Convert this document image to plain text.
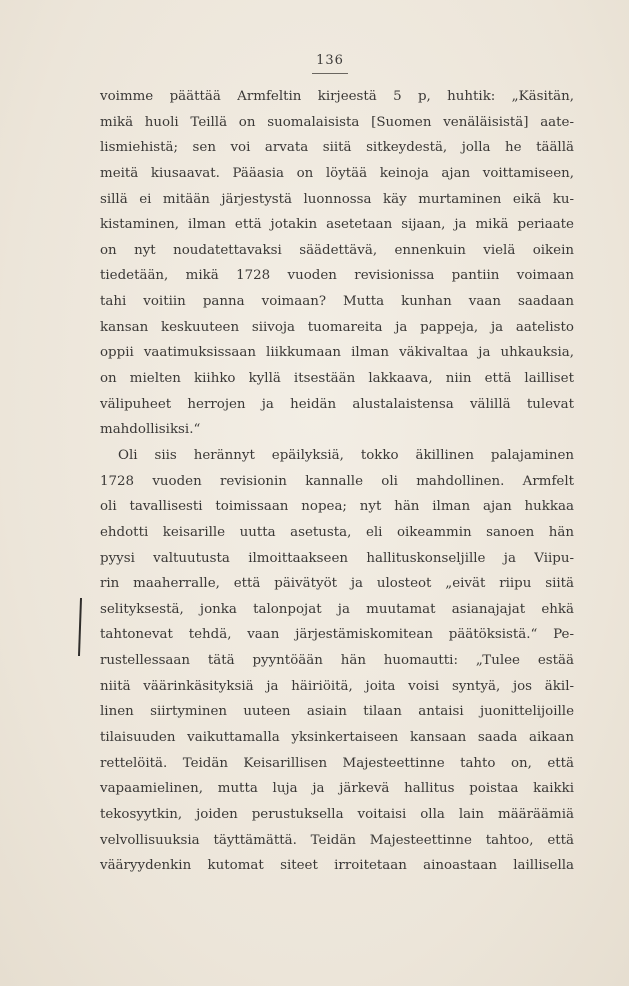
136
voimme päättää Armfeltin kirjeestä 5 p, huhtik: „Käsitän,
mikä huoli Teillä on suomalaisista [Suomen venäläisistä] aate-
lismiehistä; sen voi arvata siitä sitkeydestä, jolla he täällä
meitä kiusaavat. Pääasia on löytää keinoja ajan voittamiseen,
sillä ei mitään järjestystä luonnossa käy murtaminen eikä ku-
kistaminen, ilman että jotakin asetetaan sijaan, ja mikä periaate
on nyt noudatettavaksi säädettävä, ennenkuin vielä oikein
tiedetään, mikä 1728 vuoden revisionissa pantiin voimaan
tahi voitiin panna voimaan? Mutta kunhan vaan saadaan
kansan keskuuteen siivoja tuomareita ja pappeja, ja aatelisto
oppii vaatimuksissaan liikkumaan ilman väkivaltaa ja uhkauksia,
on mielten kiihko kyllä itsestään lakkaava, niin että lailliset
välipuheet herrojen ja heidän alustalaistensa välillä tulevat
mahdollisiksi.“
Oli siis herännyt epäilyksiä, tokko äkillinen palajaminen
1728 vuoden revisionin kannalle oli mahdollinen. Armfelt
oli tavallisesti toimissaan nopea; nyt hän ilman ajan hukkaa
ehdotti keisarille uutta asetusta, eli oikeammin sanoen hän
pyysi valtuutusta ilmoittaakseen hallituskonseljille ja Viipu-
rin maaherralle, että päivätyöt ja ulosteot „eivät riipu siitä
selityksestä, jonka talonpojat ja muutamat asianajajat ehkä
tahtonevat tehdä, vaan järjestämiskomitean päätöksistä.“ Pe-
rustellessaan tätä pyyntöään hän huomautti: „Tulee estää
niitä väärinkäsityksiä ja häiriöitä, joita voisi syntyä, jos äkil-
linen siirtyminen uuteen asiain tilaan antaisi juonittelijoille
tilaisuuden vaikuttamalla yksinkertaiseen kansaan saada aikaan
rettelöitä. Teidän Keisarillisen Majesteettinne tahto on, että
vapaamielinen, mutta luja ja järkevä hallitus poistaa kaikki
tekosyytkin, joiden perustuksella voitaisi olla lain määräämiä
velvollisuuksia täyttämättä. Teidän Majesteettinne tahtoo, että
vääryydenkin kutomat siteet irroitetaan ainoastaan laillisella
